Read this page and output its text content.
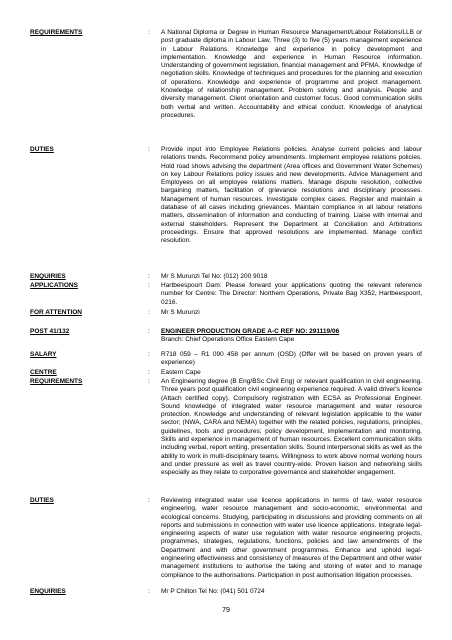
REQUIREMENTS	:	A National Diploma or Degree in Human Resource Management/Labour Relations/LLB or post graduate diploma in Labour Law. Three (3) to five (5) years management experience in Labour Relations. Knowledge and experience in policy development and implementation. Knowledge and experience in Human Resource information. Understanding of government legislation, financial management and PFMA. Knowledge of negotiation skills. Knowledge of techniques and procedures for the planning and execution of operations. Knowledge and experience of programme and project management. Knowledge of relationship management. Problem solving and analysis. People and diversity management. Client orientation and customer focus. Good communication skills both verbal and written. Accountability and ethical conduct. Knowledge of analytical procedures.
DUTIES	:	Provide input into Employee Relations policies. Analyse current policies and labour relations trends. Recommend policy amendments. Implement employee relations policies. Hold road shows advising the department (Area offices and Government Water Schemes) on key Labour Relations policy issues and new developments. Advice Management and Employees on all employee relations matters. Manage dispute resolution, collective bargaining matters, facilitation of grievance resolutions and disciplinary processes. Management of human resources. Investigate complex cases. Register and maintain a database of all cases including grievances. Maintain compliance in all labour relations matters, dissemination of information and conducting of training. Liaise with internal and external stakeholders. Represent the Department at Conciliation and Arbitrations proceedings. Ensure that approved resolutions are implemented. Manage conflict resolution.
ENQUIRIES	:	Mr S Murunzi Tel No: (012) 200 9018
APPLICATIONS	:	Hartbeespoort Dam: Please forward your applications quoting the relevant reference number for Centre: The Director: Northern Operations, Private Bag X352, Hartbeespoort, 0216.
FOR ATTENTION	:	Mr S Murunzi
POST 41/132	:	ENGINEER PRODUCTION GRADE A-C REF NO: 291119/06
Branch: Chief Operations Office Eastern Cape
SALARY	:	R718 059 – R1 090 458 per annum (OSD) (Offer will be based on proven years of experience)
CENTRE	:	Eastern Cape
REQUIREMENTS	:	An Engineering degree (B Eng/BSc Civil Eng) or relevant qualification in civil engineering. Three years post qualification civil engineering experience required. A valid driver's licence (Attach certified copy). Compulsory registration with ECSA as Professional Engineer. Sound knowledge of integrated water resource management and water resource protection. Knowledge and understanding of relevant legislation applicable to the water sector; (NWA, CARA and NEMA) together with the related policies, regulations, principles, guidelines, tools and procedures; policy development, implementation and monitoring. Skills and experience in management of human resources. Excellent communication skills including verbal, report writing, presentation skills. Sound interpersonal skills as well as the ability to work in multi-disciplinary teams. Willingness to work above normal working hours and under pressure as well as travel country-wide. Proven liaison and networking skills especially as they relate to corporative governance and stakeholder engagement.
DUTIES	:	Reviewing integrated water use licence applications in terms of law, water resource engineering, water resource management and socio-economic, environmental and ecological concerns. Studying, participating in discussions and providing comments on all reports and submissions in connection with water use licence applications. Integrate legal-engineering aspects of water use regulation with water resource engineering projects, programmes, strategies, regulations, functions, policies and law amendments of the Department and with other government programmes. Enhance and uphold legal-engineering effectiveness and consistency of measures of the Department and other water management institutions to authorise the taking and storing of water and to manage compliance to the authorisations. Participation in post authorisation litigation processes.
ENQUIRIES	:	Mr P Chilton Tel No: (041) 501 0724
79
